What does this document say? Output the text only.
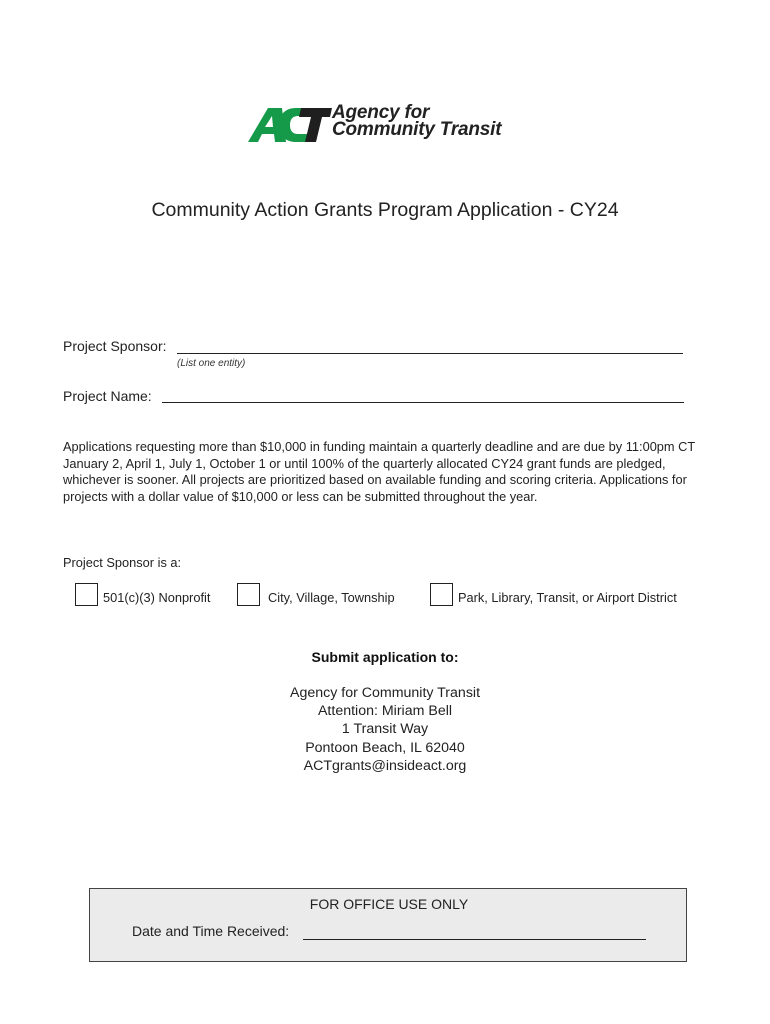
Agency for
Community Transit
Community Action Grants Program Application - CY24
Project Sponsor:
(List one entity)
Project Name:
Applications requesting more than $10,000 in funding maintain a quarterly deadline and are due by 11:00pm CT January 2, April 1, July 1, October 1 or until 100% of the quarterly allocated CY24 grant funds are pledged, whichever is sooner. All projects are prioritized based on available funding and scoring criteria. Applications for projects with a dollar value of $10,000 or less can be submitted throughout the year.
Project Sponsor is a:
501(c)(3) Nonprofit	City, Village, Township	Park, Library, Transit, or Airport District
Submit application to:
Agency for Community Transit
Attention: Miriam Bell
1 Transit Way
Pontoon Beach, IL 62040
ACTgrants@insideact.org
FOR OFFICE USE ONLY
Date and Time Received:
